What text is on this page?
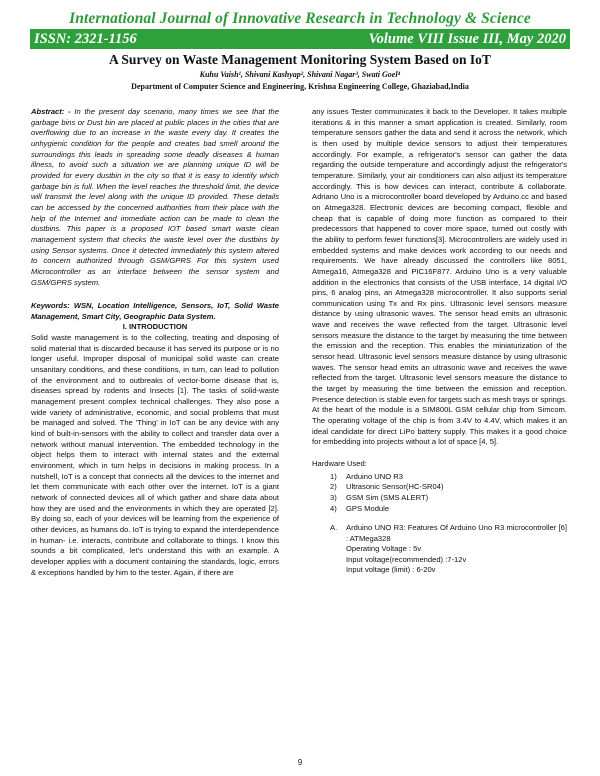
International Journal of Innovative Research in Technology & Science
ISSN: 2321-1156	Volume VIII Issue III, May 2020
A Survey on Waste Management Monitoring System Based on IoT
Kuhu Vaish¹, Shivani Kashyap², Shivani Nagar³, Swati Goel⁴
Department of Computer Science and Engineering, Krishna Engineering College, Ghaziabad,India

Abstract: - In the present day scenario, many times we see that the garbage bins or Dust bin are placed at public places in the cities that are overflowing due to an increase in the waste every day. It creates the unhygienic condition for the people and creates bad smell around the surroundings this leads in spreading some deadly diseases & human illness, to avoid such a situation we are planning unique ID will be provided for every dustbin in the city so that it is easy to identify which garbage bin is full. When the level reaches the threshold limit, the device will transmit the level along with the unique ID provided. These details can be accessed by the concerned authorities from their place with the help of the Internet and immediate action can be made to clean the dustbins. This paper is a proposed IOT based smart waste clean management system that checks the waste level over the dustbins by using Sensor systems. Once it detected immediately this system altered to concern authorized through GSM/GPRS For this system used Microcontroller as an interface between the sensor system and GSM/GPRS system.

Keywords: WSN, Location Intelligence, Sensors, IoT, Solid Waste Management, Smart City, Geographic Data System.

I. INTRODUCTION

Solid waste management is to the collecting, treating and disposing of solid material that is discarded because it has served its purpose or is no longer useful. Improper disposal of municipal solid waste can create unsanitary conditions, and these conditions, in turn, can lead to pollution of the environment and to outbreaks of vector-borne disease that is, diseases spread by rodents and Insects [1]. The tasks of solid-waste management present complex technical challenges. They also pose a wide variety of administrative, economic, and social problems that must be managed and solved. The 'Thing' in IoT can be any device with any kind of built-in-sensors with the ability to collect and transfer data over a network without manual intervention. The embedded technology in the object helps them to interact with internal states and the external environment, which in turn helps in decisions in making process. In a nutshell, IoT is a concept that connects all the devices to the internet and let them communicate with each other over the internet. IoT is a giant network of connected devices all of which gather and share data about how they are used and the environments in which they are operated [2]. By doing so, each of your devices will be learning from the experience of other devices, as humans do. IoT is trying to expand the interdependence in human- i.e. interacts, contribute and collaborate to things. I know this sounds a bit complicated, let's understand this with an example. A developer applies with a document containing the standards, logic, errors & exceptions handled by him to the tester. Again, if there are

any issues Tester communicates it back to the Developer. It takes multiple iterations & in this manner a smart application is created. Similarly, room temperature sensors gather the data and send it across the network, which is then used by multiple device sensors to adjust their temperatures accordingly. For example, a refrigerator's sensor can gather the data regarding the outside temperature and accordingly adjust the refrigerator's temperature. Similarly, your air conditioners can also adjust its temperature accordingly. This is how devices can interact, contribute & collaborate. Adriano Uno is a microcontroller board developed by Arduino.cc and based on Atmega328. Electronic devices are becoming compact, flexible and cheap that is capable of doing more function as compared to their predecessors that happened to cover more space, turned out costly with the ability to perform fewer functions[3]. Microcontrollers are widely used in embedded systems and make devices work according to our needs and requirements. We have already discussed the controllers like 8051, Atmega16, Atmega328 and PIC16F877. Arduino Uno is a very valuable addition in the electronics that consists of the USB interface, 14 digital I/O pins, 6 analog pins, an Atmega328 microcontroller. It also supports serial communication using Tx and Rx pins. Ultrasonic level sensors measure distance by using ultrasonic waves. The sensor head emits an ultrasonic wave and receives the wave reflected from the target. Ultrasonic level sensors measure the distance to the target by measuring the time between the emission and the reception. This enables the miniaturization of the sensor head. Ultrasonic level sensors measure distance by using ultrasonic waves. The sensor head emits an ultrasonic wave and receives the wave reflected from the target. Ultrasonic level sensors measure the distance to the target by measuring the time between the emission and reception. Presence detection is stable even for targets such as mesh trays or springs. At the heart of the module is a SIM800L GSM cellular chip from Simcom. The operating voltage of the chip is from 3.4V to 4.4V, which makes it an ideal candidate for direct LiPo battery supply. This makes it a good choice for embedding into projects without a lot of space [4, 5].

Hardware Used:

1)	Arduino UNO R3
2)	Ultrasonic Sensor(HC-SR04)
3)	GSM Sim (SMS ALERT)
4)	GPS Module
A.	Arduino UNO R3: Features Of Arduino Uno R3 microcontroller [6] : ATMega328
Operating Voltage : 5v
Input voltage(recommended) :7-12v
Input voltage (limit) : 6-20v
9
